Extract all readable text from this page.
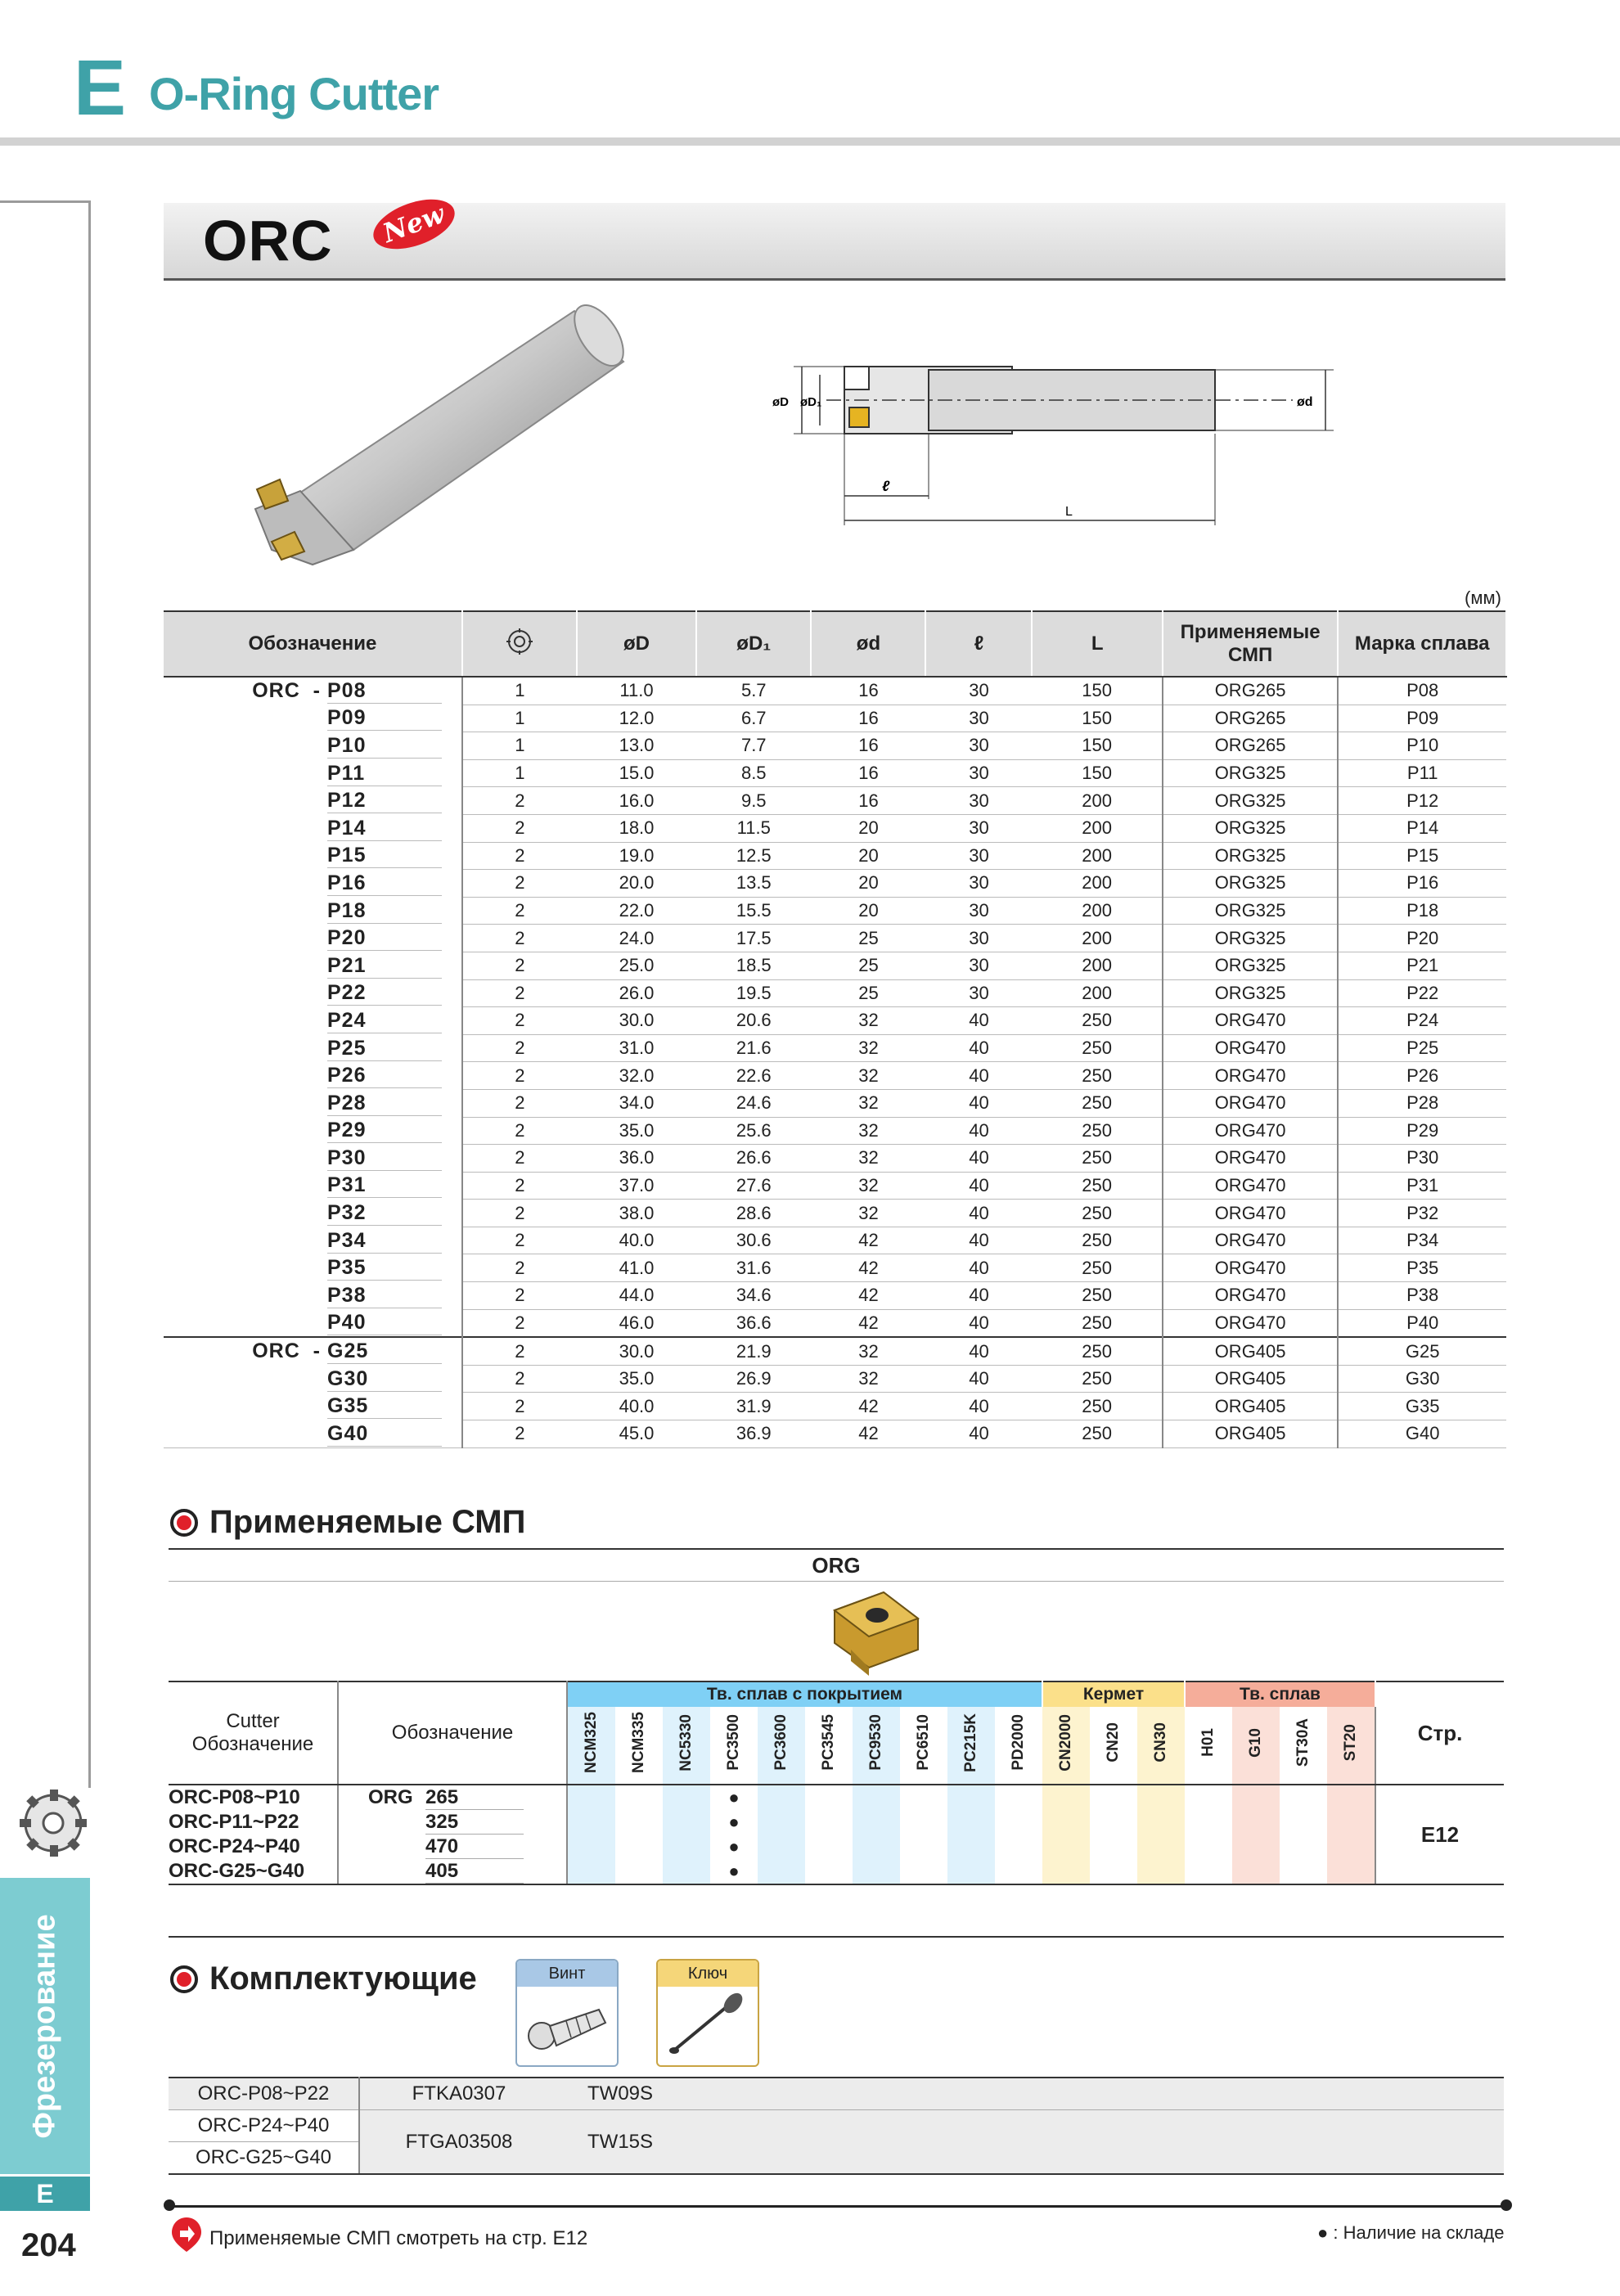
E O-Ring Cutter
Фрезерование
E
204
ORC New
øD øD₁	ød
ℓ
L
(мм)
Обозначение		øD	øD₁	ød	ℓ	L	Применяемые СМП	Марка сплава
ORC  - P08	1	11.0	5.7	16	30	150	ORG265	P08
P09	1	12.0	6.7	16	30	150	ORG265	P09
P10	1	13.0	7.7	16	30	150	ORG265	P10
P11	1	15.0	8.5	16	30	150	ORG325	P11
P12	2	16.0	9.5	16	30	200	ORG325	P12
P14	2	18.0	11.5	20	30	200	ORG325	P14
P15	2	19.0	12.5	20	30	200	ORG325	P15
P16	2	20.0	13.5	20	30	200	ORG325	P16
P18	2	22.0	15.5	20	30	200	ORG325	P18
P20	2	24.0	17.5	25	30	200	ORG325	P20
P21	2	25.0	18.5	25	30	200	ORG325	P21
P22	2	26.0	19.5	25	30	200	ORG325	P22
P24	2	30.0	20.6	32	40	250	ORG470	P24
P25	2	31.0	21.6	32	40	250	ORG470	P25
P26	2	32.0	22.6	32	40	250	ORG470	P26
P28	2	34.0	24.6	32	40	250	ORG470	P28
P29	2	35.0	25.6	32	40	250	ORG470	P29
P30	2	36.0	26.6	32	40	250	ORG470	P30
P31	2	37.0	27.6	32	40	250	ORG470	P31
P32	2	38.0	28.6	32	40	250	ORG470	P32
P34	2	40.0	30.6	42	40	250	ORG470	P34
P35	2	41.0	31.6	42	40	250	ORG470	P35
P38	2	44.0	34.6	42	40	250	ORG470	P38
P40	2	46.0	36.6	42	40	250	ORG470	P40
ORC  - G25	2	30.0	21.9	32	40	250	ORG405	G25
G30	2	35.0	26.9	32	40	250	ORG405	G30
G35	2	40.0	31.9	42	40	250	ORG405	G35
G40	2	45.0	36.9	42	40	250	ORG405	G40
Применяемые СМП
ORG
Cutter Обозначение	Обозначение	Тв. сплав с покрытием										Кермет			Тв. сплав				Стр.
		NCM325	NCM335	NC5330	PC3500	PC3600	PC3545	PC9530	PC6510	PC215K	PD2000	CN2000	CN20	CN30	H01	G10	ST30A	ST20	
ORC-P08~P10	ORG 265				●														E12
ORC-P11~P22	325				●														
ORC-P24~P40	470				●														
ORC-G25~G40	405				●														
Комплектующие	Винт	Ключ
ORC-P08~P22	FTKA0307	TW09S
ORC-P24~P40	FTGA03508	TW15S
ORC-G25~G40		
Применяемые СМП смотреть на стр. E12	● : Наличие на складе
